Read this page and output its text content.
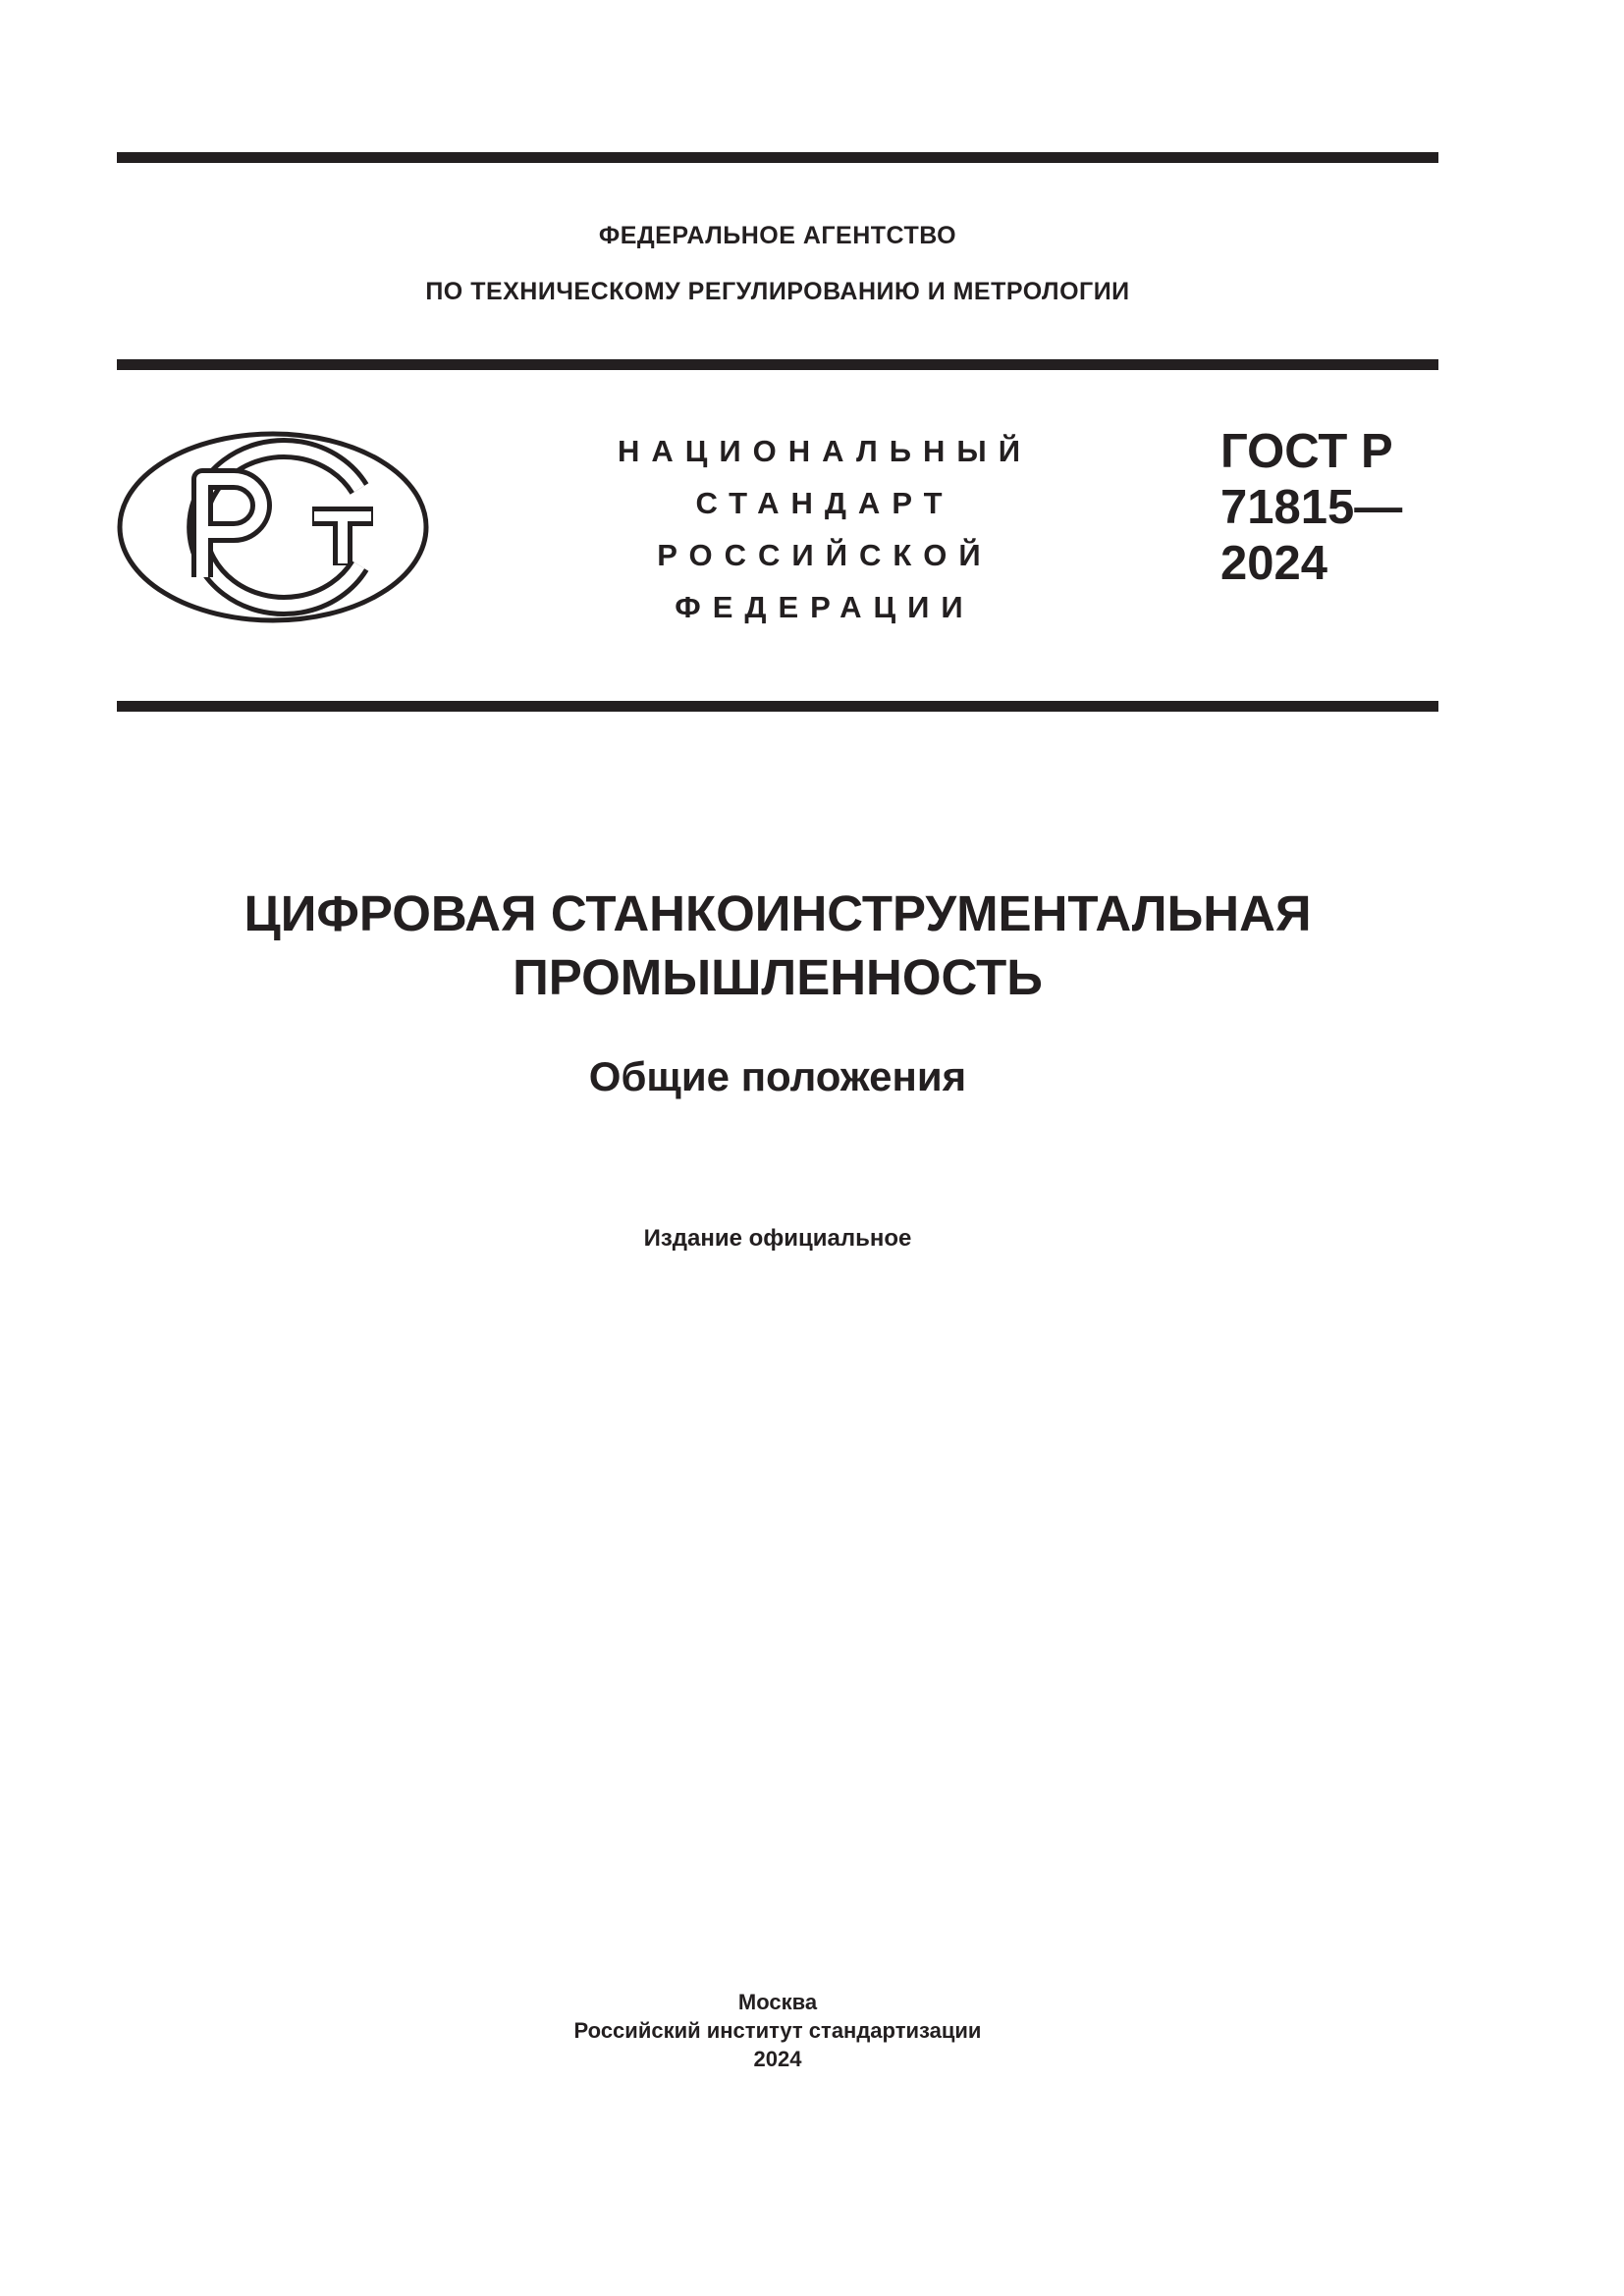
ФЕДЕРАЛЬНОЕ АГЕНТСТВО
ПО ТЕХНИЧЕСКОМУ РЕГУЛИРОВАНИЮ И МЕТРОЛОГИИ
НАЦИОНАЛЬНЫЙ
СТАНДАРТ
РОССИЙСКОЙ
ФЕДЕРАЦИИ
ГОСТ Р
71815—
2024
ЦИФРОВАЯ СТАНКОИНСТРУМЕНТАЛЬНАЯ
ПРОМЫШЛЕННОСТЬ
Общие положения
Издание официальное
Москва
Российский институт стандартизации
2024
